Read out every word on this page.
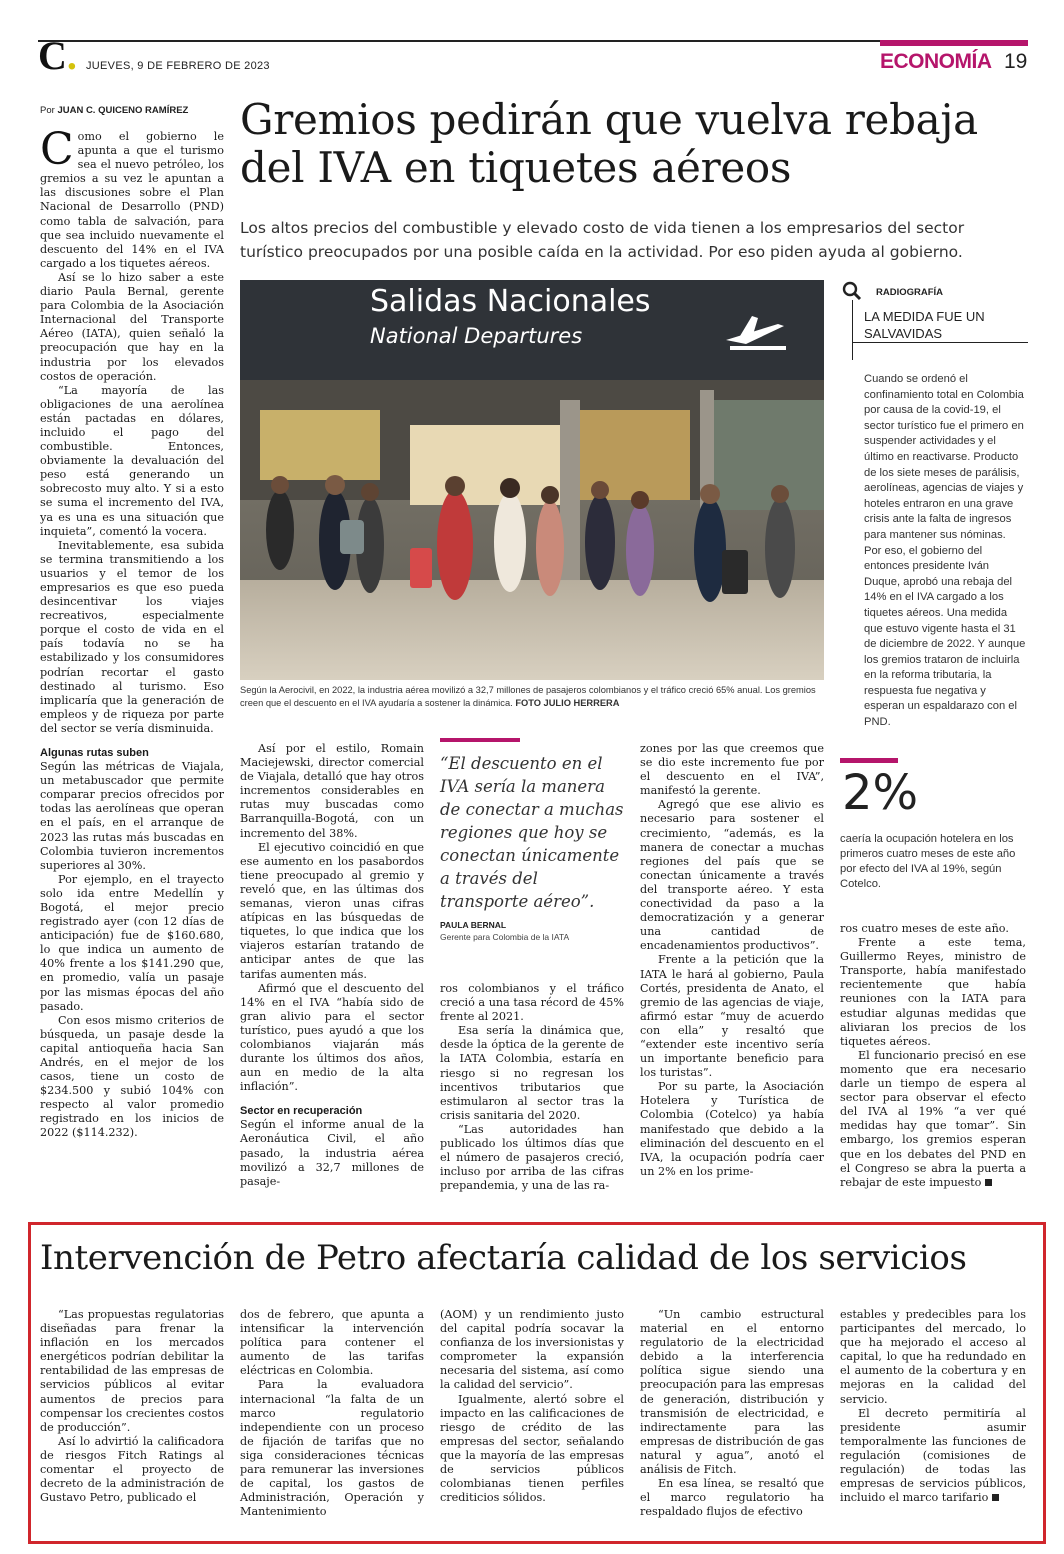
C. JUEVES, 9 DE FEBRERO DE 2023	ECONOMÍA 19
Por JUAN C. QUICENO RAMÍREZ Gremios pedirán que vuelva rebaja del IVA en tiquetes aéreos
Los altos precios del combustible y elevado costo de vida tienen a los empresarios del sector turístico preocupados por una posible caída en la actividad. Por eso piden ayuda al gobierno.

Como el gobierno le apunta a que el turismo sea el nuevo petróleo, los gremios a su vez le apuntan a las discusiones sobre el Plan Nacional de Desarrollo (PND) como tabla de salvación, para que sea incluido nuevamente el descuento del 14% en el IVA cargado a los tiquetes aéreos.

Así se lo hizo saber a este diario Paula Bernal, gerente para Colombia de la Asociación Internacional del Transporte Aéreo (IATA), quien señaló la preocupación que hay en la industria por los elevados costos de operación.

“La mayoría de las obligaciones de una aerolínea están pactadas en dólares, incluido el pago del combustible. Entonces, obviamente la devaluación del peso está generando un sobrecosto muy alto. Y si a esto se suma el incremento del IVA, ya es una es una situación que inquieta”, comentó la vocera.

Inevitablemente, esa subida se termina transmitiendo a los usuarios y el temor de los empresarios es que eso pueda desincentivar los viajes recreativos, especialmente porque el costo de vida en el país todavía no se ha estabilizado y los consumidores podrían recortar el gasto destinado al turismo. Eso implicaría que la generación de empleos y de riqueza por parte del sector se vería disminuida.

Algunas rutas suben

Según las métricas de Viajala, un metabuscador que permite comparar precios ofrecidos por todas las aerolíneas que operan en el país, en el arranque de 2023 las rutas más buscadas en Colombia tuvieron incrementos superiores al 30%.

Por ejemplo, en el trayecto solo ida entre Medellín y Bogotá, el mejor precio registrado ayer (con 12 días de anticipación) fue de $160.680, lo que indica un aumento de 40% frente a los $141.290 que, en promedio, valía un pasaje por las mismas épocas del año pasado.

Con esos mismo criterios de búsqueda, un pasaje desde la capital antioqueña hacia San Andrés, en el mejor de los casos, tiene un costo de $234.500 y subió 104% con respecto al valor promedio registrado en los inicios de 2022 ($114.232).

Salidas Nacionales
National Departures
Según la Aerocivil, en 2022, la industria aérea movilizó a 32,7 millones de pasajeros colombianos y el tráfico creció 65% anual. Los gremios creen que el descuento en el IVA ayudaría a sostener la dinámica. FOTO JULIO HERRERA
RADIOGRAFÍA
LA MEDIDA FUE UN SALVAVIDAS
Cuando se ordenó el confinamiento total en Colombia por causa de la covid-19, el sector turístico fue el primero en suspender actividades y el último en reactivarse. Producto de los siete meses de parálisis, aerolíneas, agencias de viajes y hoteles entraron en una grave crisis ante la falta de ingresos para mantener sus nóminas. Por eso, el gobierno del entonces presidente Iván Duque, aprobó una rebaja del 14% en el IVA cargado a los tiquetes aéreos. Una medida que estuvo vigente hasta el 31 de diciembre de 2022. Y aunque los gremios trataron de incluirla en la reforma tributaria, la respuesta fue negativa y esperan un espaldarazo con el PND.
2%
caería la ocupación hotelera en los primeros cuatro meses de este año por efecto del IVA al 19%, según Cotelco.

Así por el estilo, Romain Maciejewski, director comercial de Viajala, detalló que hay otros incrementos considerables en rutas muy buscadas como Barranquilla-Bogotá, con un incremento del 38%.

El ejecutivo coincidió en que ese aumento en los pasabordos tiene preocupado al gremio y reveló que, en las últimas dos semanas, vieron unas cifras atípicas en las búsquedas de tiquetes, lo que indica que los viajeros estarían tratando de anticipar antes de que las tarifas aumenten más.

Afirmó que el descuento del 14% en el IVA “había sido de gran alivio para el sector turístico, pues ayudó a que los colombianos viajarán más durante los últimos dos años, aun en medio de la alta inflación”.

Sector en recuperación

Según el informe anual de la Aeronáutica Civil, el año pasado, la industria aérea movilizó a 32,7 millones de pasaje-

“El descuento en el IVA sería la manera de conectar a muchas regiones que hoy se conectan únicamente a través del transporte aéreo”.
PAULA BERNAL
Gerente para Colombia de la IATA

ros colombianos y el tráfico creció a una tasa récord de 45% frente al 2021.

Esa sería la dinámica que, desde la óptica de la gerente de la IATA Colombia, estaría en riesgo si no regresan los incentivos tributarios que estimularon al sector tras la crisis sanitaria del 2020.

“Las autoridades han publicado los últimos días que el número de pasajeros creció, incluso por arriba de las cifras prepandemia, y una de las ra-

zones por las que creemos que se dio este incremento fue por el descuento en el IVA”, manifestó la gerente.

Agregó que ese alivio es necesario para sostener el crecimiento, “además, es la manera de conectar a muchas regiones del país que se conectan únicamente a través del transporte aéreo. Y esta conectividad da paso a la democratización y a generar una cantidad de encadenamientos productivos”.

Frente a la petición que la IATA le hará al gobierno, Paula Cortés, presidenta de Anato, el gremio de las agencias de viaje, afirmó estar “muy de acuerdo con ella” y resaltó que “extender este incentivo sería un importante beneficio para los turistas”.

Por su parte, la Asociación Hotelera y Turística de Colombia (Cotelco) ya había manifestado que debido a la eliminación del descuento en el IVA, la ocupación podría caer un 2% en los prime-

ros cuatro meses de este año.

Frente a este tema, Guillermo Reyes, ministro de Transporte, había manifestado recientemente que había reuniones con la IATA para estudiar algunas medidas que aliviaran los precios de los tiquetes aéreos.

El funcionario precisó en ese momento que era necesario darle un tiempo de espera al sector para observar el efecto del IVA al 19% “a ver qué medidas hay que tomar”. Sin embargo, los gremios esperan que en los debates del PND en el Congreso se abra la puerta a rebajar de este impuesto

Intervención de Petro afectaría calidad de los servicios

“Las propuestas regulatorias diseñadas para frenar la inflación en los mercados energéticos podrían debilitar la rentabilidad de las empresas de servicios públicos al evitar aumentos de precios para compensar los crecientes costos de producción”.

Así lo advirtió la calificadora de riesgos Fitch Ratings al comentar el proyecto de decreto de la administración de Gustavo Petro, publicado el

dos de febrero, que apunta a intensificar la intervención política para contener el aumento de las tarifas eléctricas en Colombia.

Para la evaluadora internacional “la falta de un marco regulatorio independiente con un proceso de fijación de tarifas que no siga consideraciones técnicas para remunerar las inversiones de capital, los gastos de Administración, Operación y Mantenimiento

(AOM) y un rendimiento justo del capital podría socavar la confianza de los inversionistas y comprometer la expansión necesaria del sistema, así como la calidad del servicio”.

Igualmente, alertó sobre el impacto en las calificaciones de riesgo de crédito de las empresas del sector, señalando que la mayoría de las empresas de servicios públicos colombianas tienen perfiles crediticios sólidos.

“Un cambio estructural material en el entorno regulatorio de la electricidad debido a la interferencia política sigue siendo una preocupación para las empresas de generación, distribución y transmisión de electricidad, e indirectamente para las empresas de distribución de gas natural y agua”, anotó el análisis de Fitch.

En esa línea, se resaltó que el marco regulatorio ha respaldado flujos de efectivo

estables y predecibles para los participantes del mercado, lo que ha mejorado el acceso al capital, lo que ha redundado en el aumento de la cobertura y en mejoras en la calidad del servicio.

El decreto permitiría al presidente asumir temporalmente las funciones de regulación (comisiones de regulación) de todas las empresas de servicios públicos, incluido el marco tarifario
